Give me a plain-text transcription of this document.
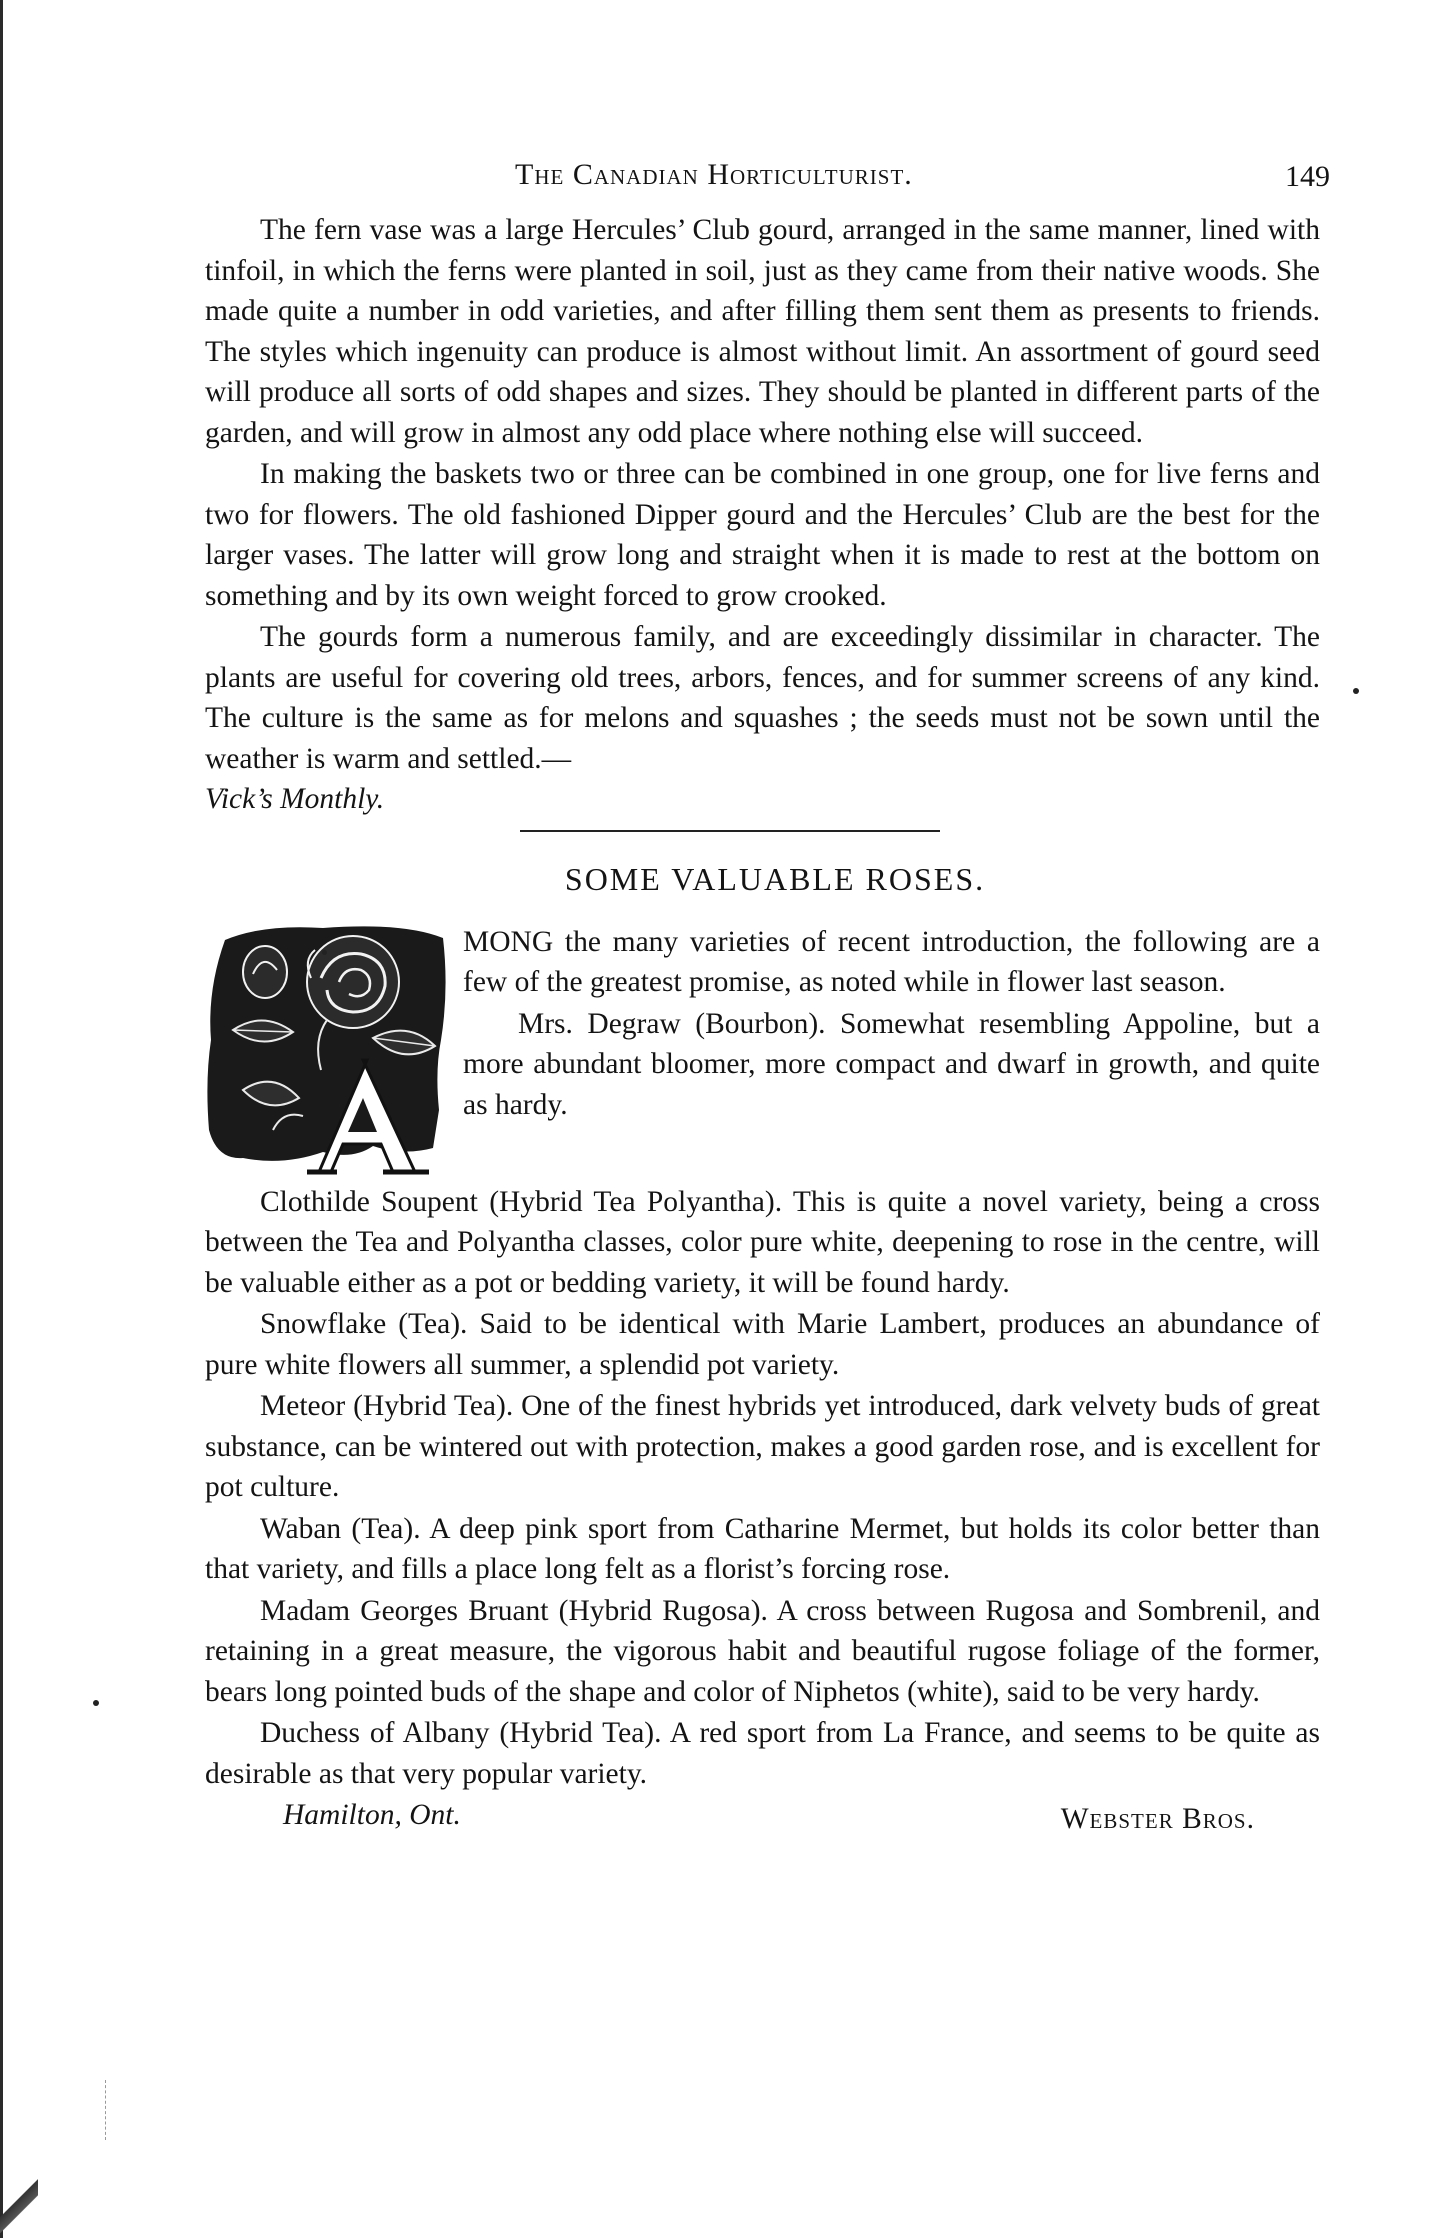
The Canadian Horticulturist.	149

The fern vase was a large Hercules’ Club gourd, arranged in the same manner, lined with tinfoil, in which the ferns were planted in soil, just as they came from their native woods. She made quite a number in odd varieties, and after filling them sent them as presents to friends. The styles which ingenuity can produce is almost without limit. An assortment of gourd seed will produce all sorts of odd shapes and sizes. They should be planted in different parts of the garden, and will grow in almost any odd place where nothing else will succeed.

In making the baskets two or three can be combined in one group, one for live ferns and two for flowers. The old fashioned Dipper gourd and the Hercules’ Club are the best for the larger vases. The latter will grow long and straight when it is made to rest at the bottom on something and by its own weight forced to grow crooked.

The gourds form a numerous family, and are exceedingly dissimilar in character. The plants are useful for covering old trees, arbors, fences, and for summer screens of any kind. The culture is the same as for melons and squashes ; the seeds must not be sown until the weather is warm and settled.—
Vick’s Monthly.

SOME VALUABLE ROSES.

MONG the many varieties of recent introduction, the following are a few of the greatest promise, as noted while in flower last season.

Mrs. Degraw (Bourbon). Somewhat resembling Appoline, but a more abundant bloomer, more compact and dwarf in growth, and quite as hardy.

Clothilde Soupent (Hybrid Tea Polyantha). This is quite a novel variety, being a cross between the Tea and Polyantha classes, color pure white, deepening to rose in the centre, will be valuable either as a pot or bedding variety, it will be found hardy.

Snowflake (Tea). Said to be identical with Marie Lambert, produces an abundance of pure white flowers all summer, a splendid pot variety.

Meteor (Hybrid Tea). One of the finest hybrids yet introduced, dark velvety buds of great substance, can be wintered out with protection, makes a good garden rose, and is excellent for pot culture.

Waban (Tea). A deep pink sport from Catharine Mermet, but holds its color better than that variety, and fills a place long felt as a florist’s forcing rose.

Madam Georges Bruant (Hybrid Rugosa). A cross between Rugosa and Sombrenil, and retaining in a great measure, the vigorous habit and beautiful rugose foliage of the former, bears long pointed buds of the shape and color of Niphetos (white), said to be very hardy.

Duchess of Albany (Hybrid Tea). A red sport from La France, and seems to be quite as desirable as that very popular variety.

Hamilton, Ont.	Webster Bros.
